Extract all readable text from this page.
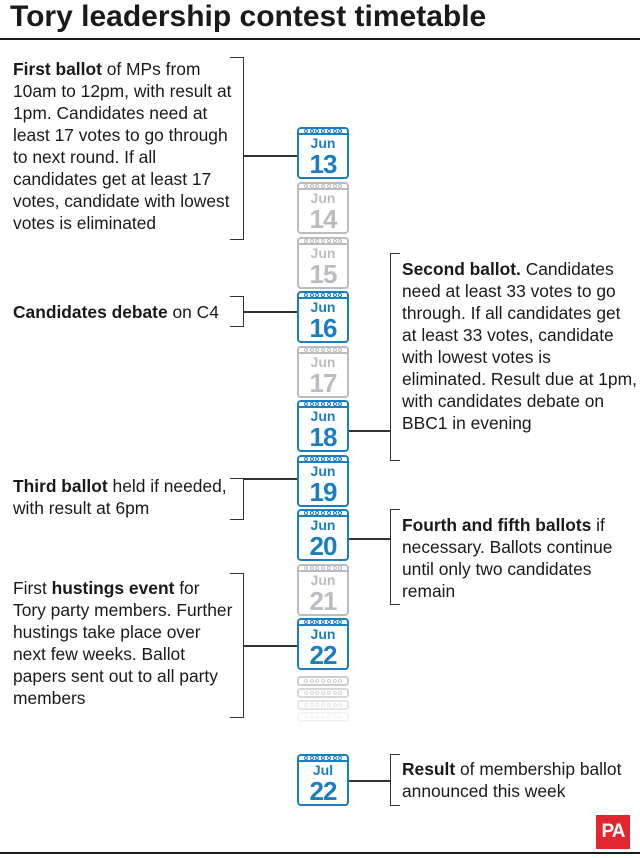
Tory leadership contest timetable
First ballot of MPs from 10am to 12pm, with result at 1pm. Candidates need at least 17 votes to go through to next round. If all candidates get at least 17 votes, candidate with lowest votes is eliminated
Candidates debate on C4
Third ballot held if needed, with result at 6pm
First hustings event for Tory party members. Further hustings take place over next few weeks. Ballot papers sent out to all party members
Second ballot. Candidates need at least 33 votes to go through. If all candidates get at least 33 votes, candidate with lowest votes is eliminated. Result due at 1pm, with candidates debate on BBC1 in evening
Fourth and fifth ballots if necessary. Ballots continue until only two candidates remain
Result of membership ballot announced this week
Jun
13
Jun
14
Jun
15
Jun
16
Jun
17
Jun
18
Jun
19
Jun
20
Jun
21
Jun
22
Jul
22
PA
